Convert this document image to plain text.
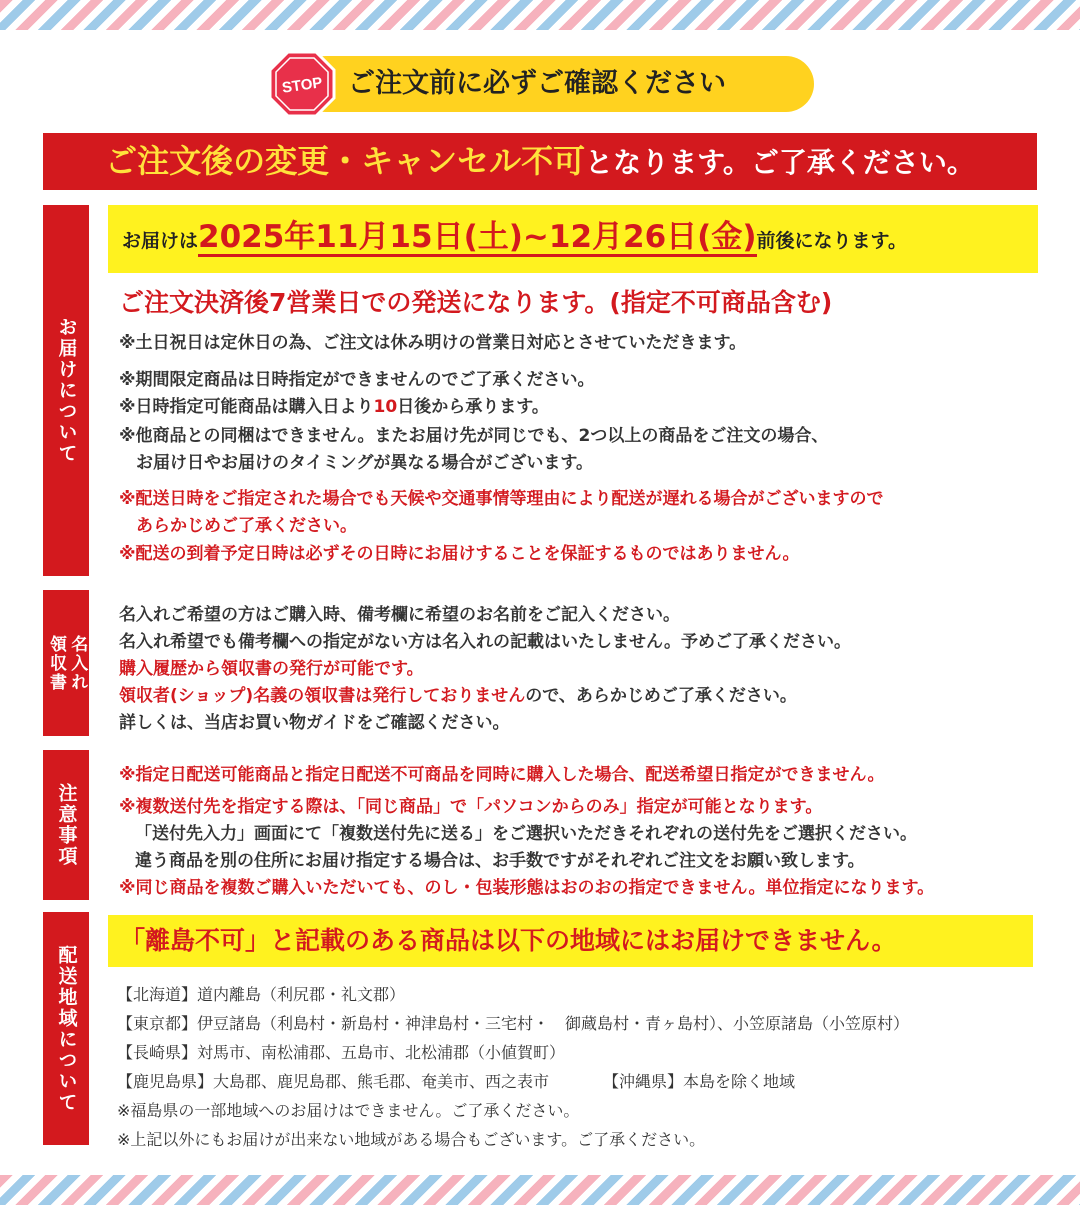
ご注文前に必ずご確認ください
STOP
ご注文後の変更・キャンセル不可となります。ご了承ください。
お届けについて
お届けは 2025年11月15日(土)~12月26日(金) 前後になります。
ご注文決済後7営業日での発送になります。(指定不可商品含む)
※土日祝日は定休日の為、ご注文は休み明けの営業日対応とさせていただきます。
※期間限定商品は日時指定ができませんのでご了承ください。
※日時指定可能商品は購入日より10日後から承ります。
※他商品との同梱はできません。またお届け先が同じでも、2つ以上の商品をご注文の場合、
お届け日やお届けのタイミングが異なる場合がございます。
※配送日時をご指定された場合でも天候や交通事情等理由により配送が遅れる場合がございますので
あらかじめご了承ください。
※配送の到着予定日時は必ずその日時にお届けすることを保証するものではありません。
名入れ
領収書
名入れご希望の方はご購入時、備考欄に希望のお名前をご記入ください。
名入れ希望でも備考欄への指定がない方は名入れの記載はいたしません。予めご了承ください。
購入履歴から領収書の発行が可能です。
領収者(ショップ)名義の領収書は発行しておりませんので、あらかじめご了承ください。
詳しくは、当店お買い物ガイドをご確認ください。
注意事項
※指定日配送可能商品と指定日配送不可商品を同時に購入した場合、配送希望日指定ができません。
※複数送付先を指定する際は、「同じ商品」で「パソコンからのみ」指定が可能となります。
「送付先入力」画面にて「複数送付先に送る」をご選択いただきそれぞれの送付先をご選択ください。
違う商品を別の住所にお届け指定する場合は、お手数ですがそれぞれご注文をお願い致します。
※同じ商品を複数ご購入いただいても、のし・包装形態はおのおの指定できません。単位指定になります。
配送地域について
「離島不可」と記載のある商品は以下の地域にはお届けできません。
【北海道】道内離島（利尻郡・礼文郡）
【東京都】伊豆諸島（利島村・新島村・神津島村・三宅村・　御蔵島村・青ヶ島村）、小笠原諸島（小笠原村）
【長崎県】対馬市、南松浦郡、五島市、北松浦郡（小値賀町）
【鹿児島県】大島郡、鹿児島郡、熊毛郡、奄美市、西之表市	【沖縄県】本島を除く地域
※福島県の一部地域へのお届けはできません。ご了承ください。
※上記以外にもお届けが出来ない地域がある場合もございます。ご了承ください。
